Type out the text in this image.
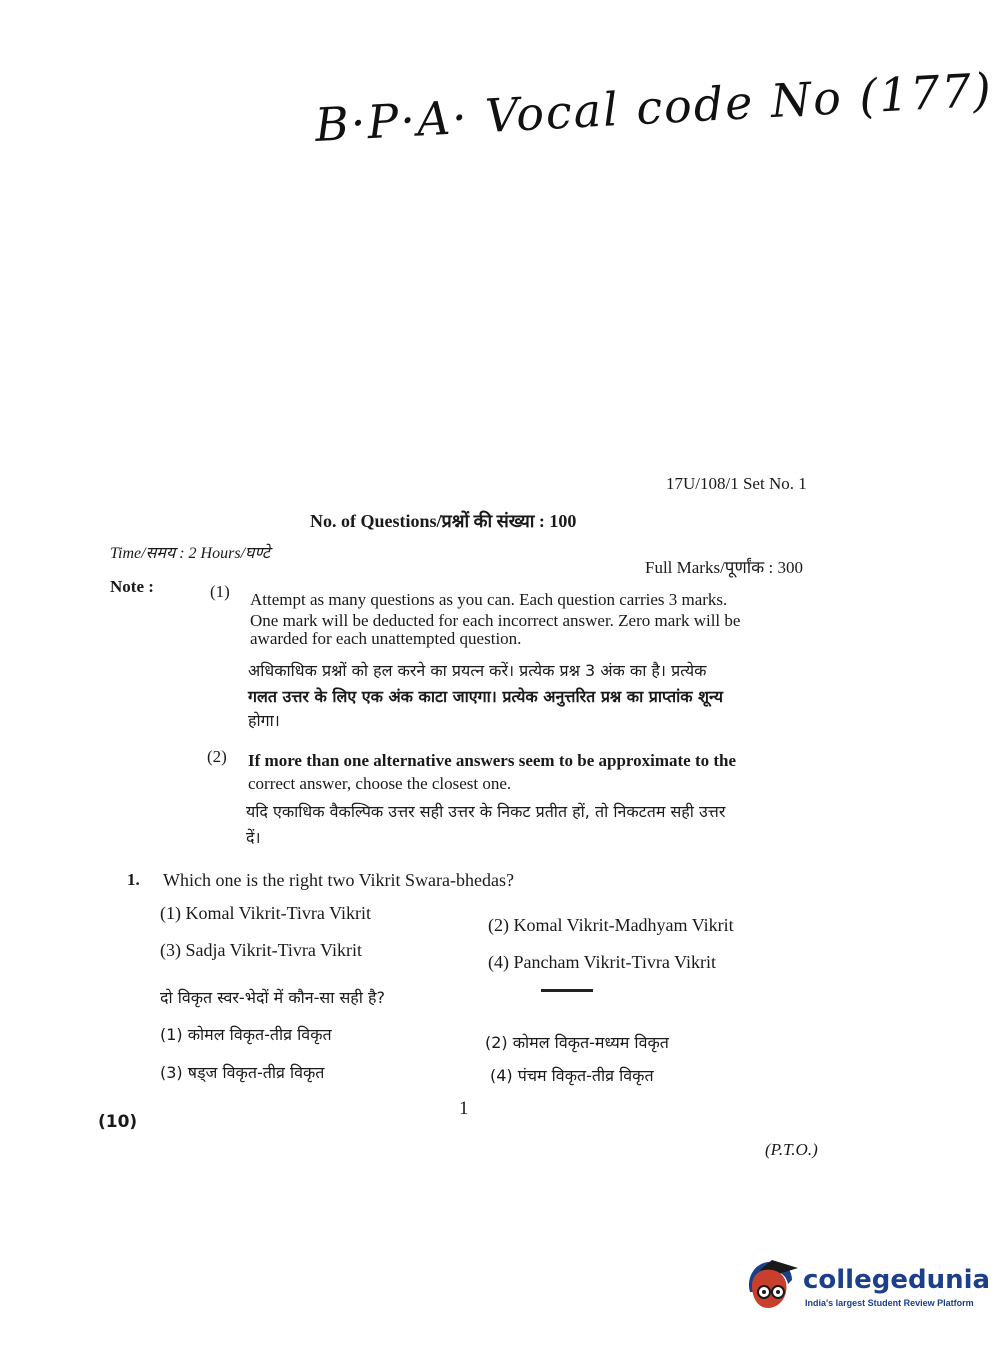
B·P·A· Vocal code No (177)
17U/108/1 Set No. 1
No. of Questions/प्रश्नों की संख्या : 100
Time/समय : 2 Hours/घण्टे
Full Marks/पूर्णांक : 300
Note :	(1) Attempt as many questions as you can. Each question carries 3 marks.
One mark will be deducted for each incorrect answer. Zero mark will be
awarded for each unattempted question.
अधिकाधिक प्रश्नों को हल करने का प्रयत्न करें। प्रत्येक प्रश्न 3 अंक का है। प्रत्येक
गलत उत्तर के लिए एक अंक काटा जाएगा। प्रत्येक अनुत्तरित प्रश्न का प्राप्तांक शून्य
होगा।
(2) If more than one alternative answers seem to be approximate to the
correct answer, choose the closest one.
यदि एकाधिक वैकल्पिक उत्तर सही उत्तर के निकट प्रतीत हों, तो निकटतम सही उत्तर
दें।
1. Which one is the right two Vikrit Swara-bhedas?
(1) Komal Vikrit-Tivra Vikrit
(2) Komal Vikrit-Madhyam Vikrit
(3) Sadja Vikrit-Tivra Vikrit
(4) Pancham Vikrit-Tivra Vikrit
दो विकृत स्वर-भेदों में कौन-सा सही है?
(1) कोमल विकृत-तीव्र विकृत	(2) कोमल विकृत-मध्यम विकृत
(3) षड्ज विकृत-तीव्र विकृत	(4) पंचम विकृत-तीव्र विकृत
1
(10)
(P.T.O.)
collegedunia
India's largest Student Review Platform
